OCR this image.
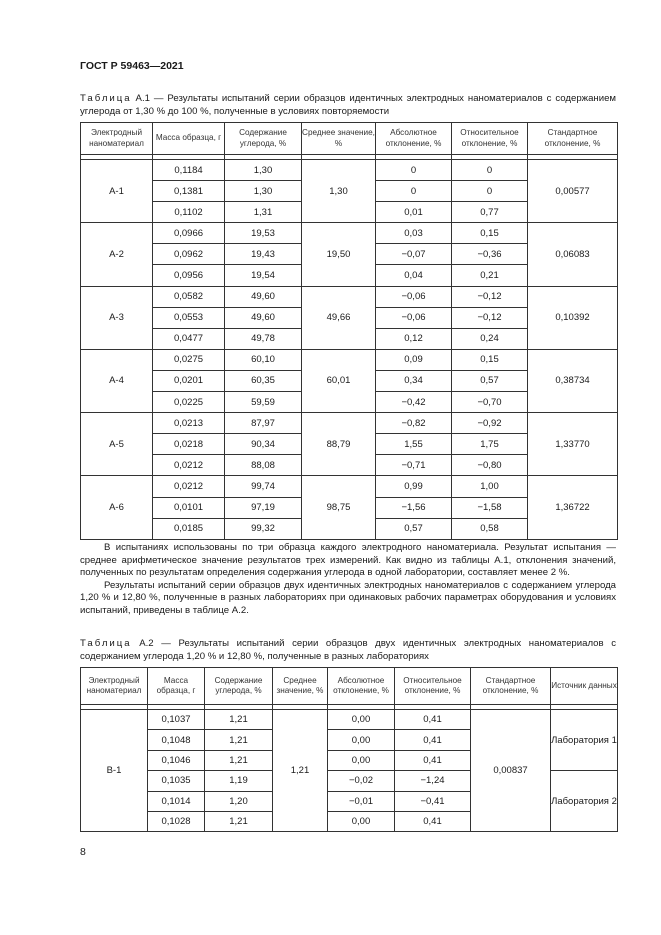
ГОСТ Р 59463—2021
Таблица А.1 — Результаты испытаний серии образцов идентичных электродных наноматериалов с содержанием углерода от 1,30 % до 100 %, полученные в условиях повторяемости
Электродный наноматериал	Масса образца, г	Содержание углерода, %	Среднее значение, %	Абсолютное отклонение, %	Относительное отклонение, %	Стандартное отклонение, %

А-1	0,1184	1,30	1,30	0	0	0,00577
	0,1381	1,30		0	0	
	0,1102	1,31		0,01	0,77	
А-2	0,0966	19,53	19,50	0,03	0,15	0,06083
	0,0962	19,43		−0,07	−0,36	
	0,0956	19,54		0,04	0,21	
А-3	0,0582	49,60	49,66	−0,06	−0,12	0,10392
	0,0553	49,60		−0,06	−0,12	
	0,0477	49,78		0,12	0,24	
А-4	0,0275	60,10	60,01	0,09	0,15	0,38734
	0,0201	60,35		0,34	0,57	
	0,0225	59,59		−0,42	−0,70	
А-5	0,0213	87,97	88,79	−0,82	−0,92	1,33770
	0,0218	90,34		1,55	1,75	
	0,0212	88,08		−0,71	−0,80	
А-6	0,0212	99,74	98,75	0,99	1,00	1,36722
	0,0101	97,19		−1,56	−1,58	
	0,0185	99,32		0,57	0,58	

В испытаниях использованы по три образца каждого электродного наноматериала. Результат испытания — среднее арифметическое значение результатов трех измерений. Как видно из таблицы А.1, отклонения значений, полученных по результатам определения содержания углерода в одной лаборатории, составляет менее 2 %.

Результаты испытаний серии образцов двух идентичных электродных наноматериалов с содержанием углерода 1,20 % и 12,80 %, полученные в разных лабораториях при одинаковых рабочих параметрах оборудования и условиях испытаний, приведены в таблице А.2.

Таблица А.2 — Результаты испытаний серии образцов двух идентичных электродных наноматериалов с содержанием углерода 1,20 % и 12,80 %, полученные в разных лабораториях
Электродный наноматериал	Масса образца, г	Содержание углерода, %	Среднее значение, %	Абсолютное отклонение, %	Относительное отклонение, %	Стандартное отклонение, %	Источник данных

В-1	0,1037	1,21	1,21	0,00	0,41	0,00837	Лаборатория 1
	0,1048	1,21		0,00	0,41		
	0,1046	1,21		0,00	0,41		
	0,1035	1,19		−0,02	−1,24		Лаборатория 2
	0,1014	1,20		−0,01	−0,41		
	0,1028	1,21		0,00	0,41		
8
